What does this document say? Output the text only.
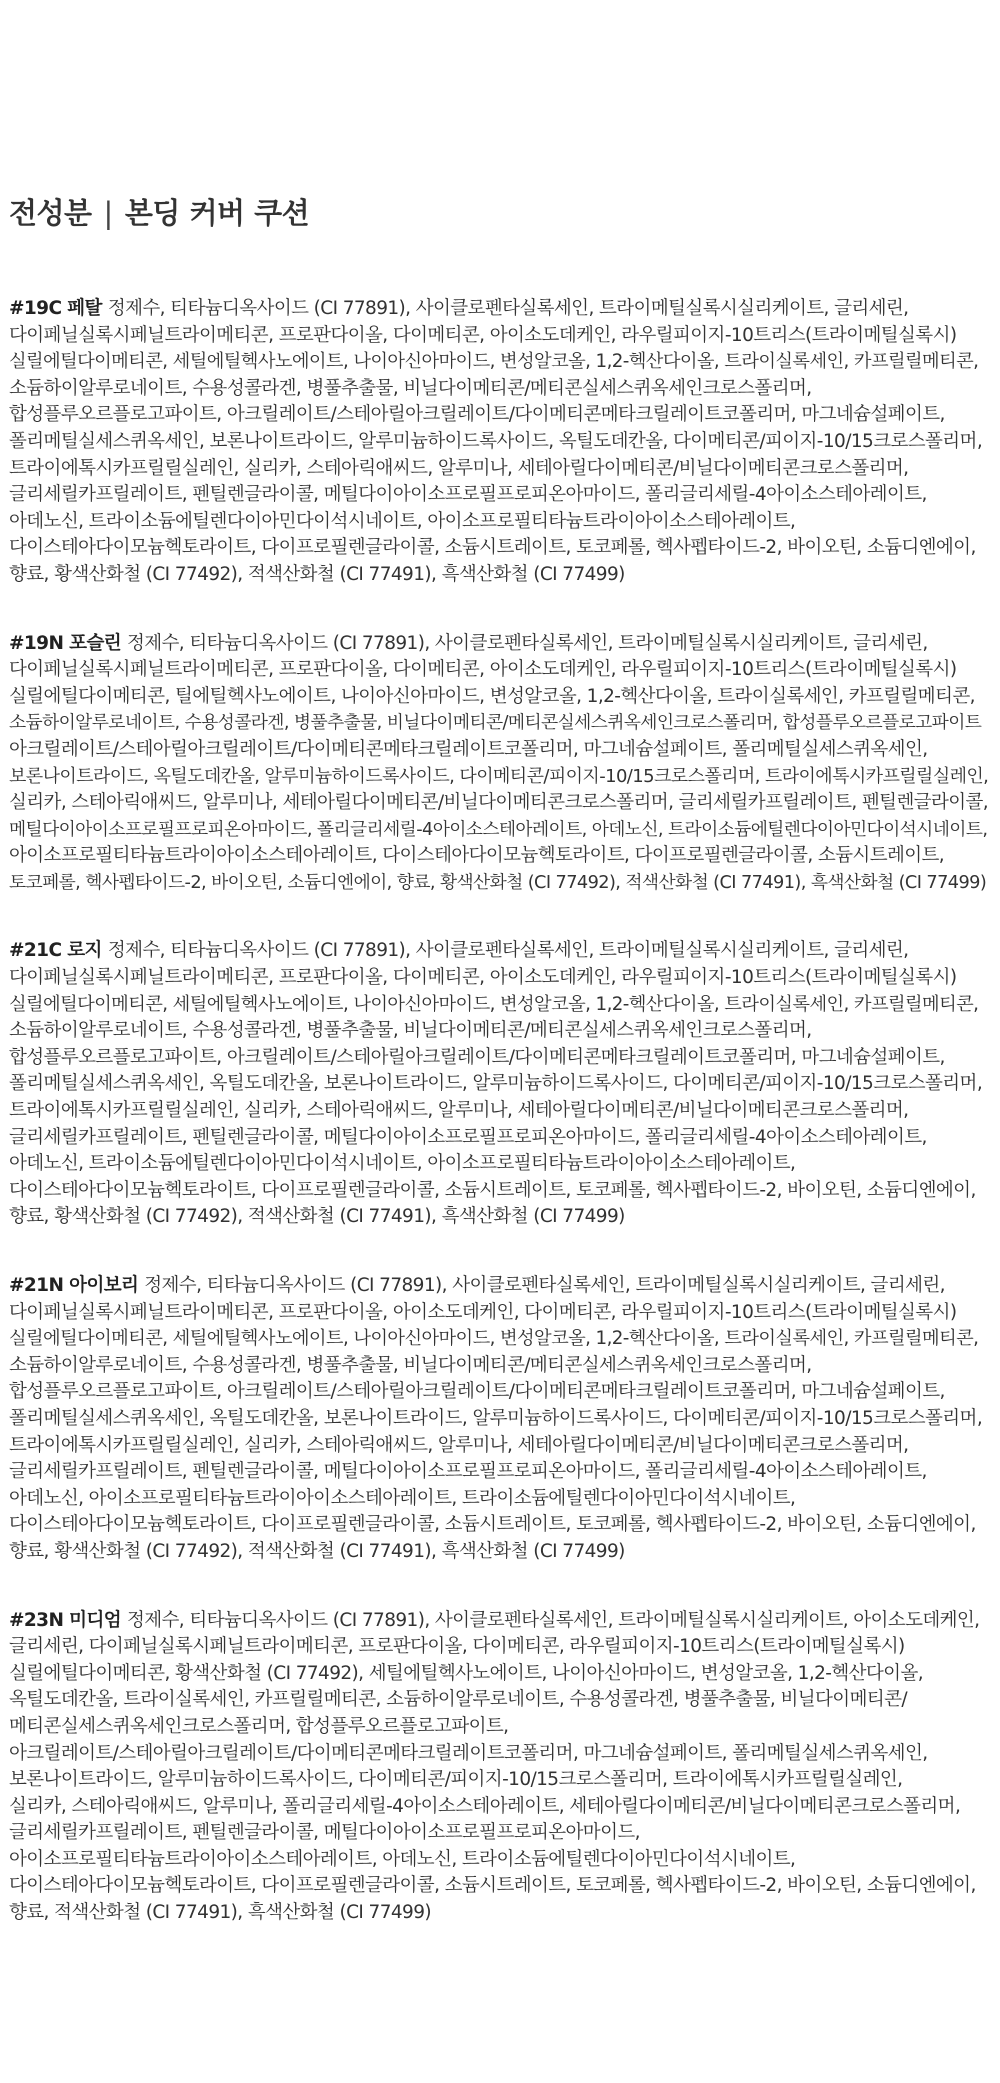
전성분 | 본딩 커버 쿠션

#19C 페탈 정제수, 티타늄디옥사이드 (CI 77891), 사이클로펜타실록세인, 트라이메틸실록시실리케이트, 글리세린,
다이페닐실록시페닐트라이메티콘, 프로판다이올, 다이메티콘, 아이소도데케인, 라우릴피이지-10트리스(트라이메틸실록시)
실릴에틸다이메티콘, 세틸에틸헥사노에이트, 나이아신아마이드, 변성알코올, 1,2-헥산다이올, 트라이실록세인, 카프릴릴메티콘,
소듐하이알루로네이트, 수용성콜라겐, 병풀추출물, 비닐다이메티콘/메티콘실세스퀴옥세인크로스폴리머,
합성플루오르플로고파이트, 아크릴레이트/스테아릴아크릴레이트/다이메티콘메타크릴레이트코폴리머, 마그네슘설페이트,
폴리메틸실세스퀴옥세인, 보론나이트라이드, 알루미늄하이드록사이드, 옥틸도데칸올, 다이메티콘/피이지-10/15크로스폴리머,
트라이에톡시카프릴릴실레인, 실리카, 스테아릭애씨드, 알루미나, 세테아릴다이메티콘/비닐다이메티콘크로스폴리머,
글리세릴카프릴레이트, 펜틸렌글라이콜, 메틸다이아이소프로필프로피온아마이드, 폴리글리세릴-4아이소스테아레이트,
아데노신, 트라이소듐에틸렌다이아민다이석시네이트, 아이소프로필티타늄트라이아이소스테아레이트,
다이스테아다이모늄헥토라이트, 다이프로필렌글라이콜, 소듐시트레이트, 토코페롤, 헥사펩타이드-2, 바이오틴, 소듐디엔에이,
향료, 황색산화철 (CI 77492), 적색산화철 (CI 77491), 흑색산화철 (CI 77499)

#19N 포슬린 정제수, 티타늄디옥사이드 (CI 77891), 사이클로펜타실록세인, 트라이메틸실록시실리케이트, 글리세린,
다이페닐실록시페닐트라이메티콘, 프로판다이올, 다이메티콘, 아이소도데케인, 라우릴피이지-10트리스(트라이메틸실록시)
실릴에틸다이메티콘, 틸에틸헥사노에이트, 나이아신아마이드, 변성알코올, 1,2-헥산다이올, 트라이실록세인, 카프릴릴메티콘,
소듐하이알루로네이트, 수용성콜라겐, 병풀추출물, 비닐다이메티콘/메티콘실세스퀴옥세인크로스폴리머, 합성플루오르플로고파이트
아크릴레이트/스테아릴아크릴레이트/다이메티콘메타크릴레이트코폴리머, 마그네슘설페이트, 폴리메틸실세스퀴옥세인,
보론나이트라이드, 옥틸도데칸올, 알루미늄하이드록사이드, 다이메티콘/피이지-10/15크로스폴리머, 트라이에톡시카프릴릴실레인,
실리카, 스테아릭애씨드, 알루미나, 세테아릴다이메티콘/비닐다이메티콘크로스폴리머, 글리세릴카프릴레이트, 펜틸렌글라이콜,
메틸다이아이소프로필프로피온아마이드, 폴리글리세릴-4아이소스테아레이트, 아데노신, 트라이소듐에틸렌다이아민다이석시네이트,
아이소프로필티타늄트라이아이소스테아레이트, 다이스테아다이모늄헥토라이트, 다이프로필렌글라이콜, 소듐시트레이트,
토코페롤, 헥사펩타이드-2, 바이오틴, 소듐디엔에이, 향료, 황색산화철 (CI 77492), 적색산화철 (CI 77491), 흑색산화철 (CI 77499)

#21C 로지 정제수, 티타늄디옥사이드 (CI 77891), 사이클로펜타실록세인, 트라이메틸실록시실리케이트, 글리세린,
다이페닐실록시페닐트라이메티콘, 프로판다이올, 다이메티콘, 아이소도데케인, 라우릴피이지-10트리스(트라이메틸실록시)
실릴에틸다이메티콘, 세틸에틸헥사노에이트, 나이아신아마이드, 변성알코올, 1,2-헥산다이올, 트라이실록세인, 카프릴릴메티콘,
소듐하이알루로네이트, 수용성콜라겐, 병풀추출물, 비닐다이메티콘/메티콘실세스퀴옥세인크로스폴리머,
합성플루오르플로고파이트, 아크릴레이트/스테아릴아크릴레이트/다이메티콘메타크릴레이트코폴리머, 마그네슘설페이트,
폴리메틸실세스퀴옥세인, 옥틸도데칸올, 보론나이트라이드, 알루미늄하이드록사이드, 다이메티콘/피이지-10/15크로스폴리머,
트라이에톡시카프릴릴실레인, 실리카, 스테아릭애씨드, 알루미나, 세테아릴다이메티콘/비닐다이메티콘크로스폴리머,
글리세릴카프릴레이트, 펜틸렌글라이콜, 메틸다이아이소프로필프로피온아마이드, 폴리글리세릴-4아이소스테아레이트,
아데노신, 트라이소듐에틸렌다이아민다이석시네이트, 아이소프로필티타늄트라이아이소스테아레이트,
다이스테아다이모늄헥토라이트, 다이프로필렌글라이콜, 소듐시트레이트, 토코페롤, 헥사펩타이드-2, 바이오틴, 소듐디엔에이,
향료, 황색산화철 (CI 77492), 적색산화철 (CI 77491), 흑색산화철 (CI 77499)

#21N 아이보리 정제수, 티타늄디옥사이드 (CI 77891), 사이클로펜타실록세인, 트라이메틸실록시실리케이트, 글리세린,
다이페닐실록시페닐트라이메티콘, 프로판다이올, 아이소도데케인, 다이메티콘, 라우릴피이지-10트리스(트라이메틸실록시)
실릴에틸다이메티콘, 세틸에틸헥사노에이트, 나이아신아마이드, 변성알코올, 1,2-헥산다이올, 트라이실록세인, 카프릴릴메티콘,
소듐하이알루로네이트, 수용성콜라겐, 병풀추출물, 비닐다이메티콘/메티콘실세스퀴옥세인크로스폴리머,
합성플루오르플로고파이트, 아크릴레이트/스테아릴아크릴레이트/다이메티콘메타크릴레이트코폴리머, 마그네슘설페이트,
폴리메틸실세스퀴옥세인, 옥틸도데칸올, 보론나이트라이드, 알루미늄하이드록사이드, 다이메티콘/피이지-10/15크로스폴리머,
트라이에톡시카프릴릴실레인, 실리카, 스테아릭애씨드, 알루미나, 세테아릴다이메티콘/비닐다이메티콘크로스폴리머,
글리세릴카프릴레이트, 펜틸렌글라이콜, 메틸다이아이소프로필프로피온아마이드, 폴리글리세릴-4아이소스테아레이트,
아데노신, 아이소프로필티타늄트라이아이소스테아레이트, 트라이소듐에틸렌다이아민다이석시네이트,
다이스테아다이모늄헥토라이트, 다이프로필렌글라이콜, 소듐시트레이트, 토코페롤, 헥사펩타이드-2, 바이오틴, 소듐디엔에이,
향료, 황색산화철 (CI 77492), 적색산화철 (CI 77491), 흑색산화철 (CI 77499)

#23N 미디엄 정제수, 티타늄디옥사이드 (CI 77891), 사이클로펜타실록세인, 트라이메틸실록시실리케이트, 아이소도데케인,
글리세린, 다이페닐실록시페닐트라이메티콘, 프로판다이올, 다이메티콘, 라우릴피이지-10트리스(트라이메틸실록시)
실릴에틸다이메티콘, 황색산화철 (CI 77492), 세틸에틸헥사노에이트, 나이아신아마이드, 변성알코올, 1,2-헥산다이올,
옥틸도데칸올, 트라이실록세인, 카프릴릴메티콘, 소듐하이알루로네이트, 수용성콜라겐, 병풀추출물, 비닐다이메티콘/
메티콘실세스퀴옥세인크로스폴리머, 합성플루오르플로고파이트,
아크릴레이트/스테아릴아크릴레이트/다이메티콘메타크릴레이트코폴리머, 마그네슘설페이트, 폴리메틸실세스퀴옥세인,
보론나이트라이드, 알루미늄하이드록사이드, 다이메티콘/피이지-10/15크로스폴리머, 트라이에톡시카프릴릴실레인,
실리카, 스테아릭애씨드, 알루미나, 폴리글리세릴-4아이소스테아레이트, 세테아릴다이메티콘/비닐다이메티콘크로스폴리머,
글리세릴카프릴레이트, 펜틸렌글라이콜, 메틸다이아이소프로필프로피온아마이드,
아이소프로필티타늄트라이아이소스테아레이트, 아데노신, 트라이소듐에틸렌다이아민다이석시네이트,
다이스테아다이모늄헥토라이트, 다이프로필렌글라이콜, 소듐시트레이트, 토코페롤, 헥사펩타이드-2, 바이오틴, 소듐디엔에이,
향료, 적색산화철 (CI 77491), 흑색산화철 (CI 77499)
